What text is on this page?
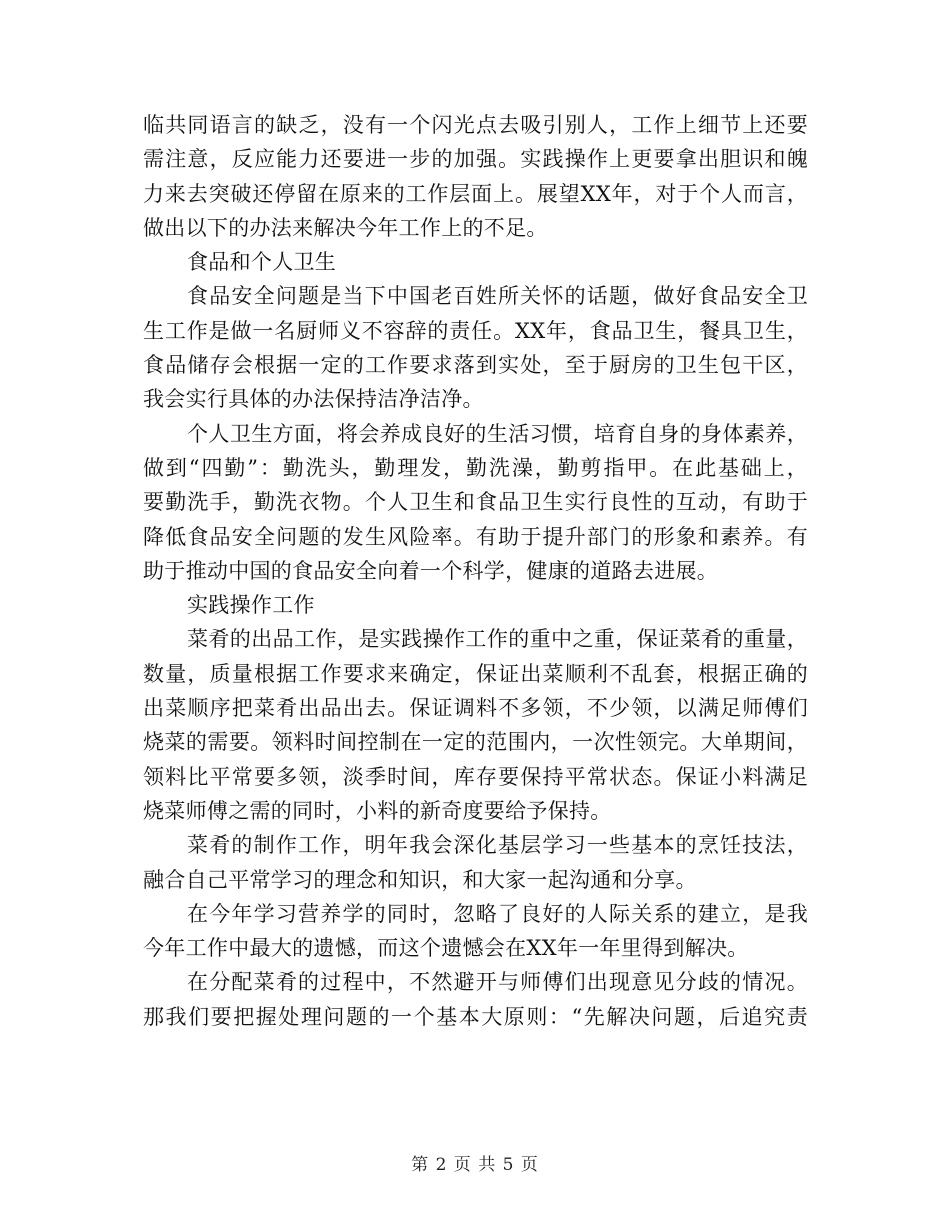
临共同语言的缺乏，没有一个闪光点去吸引别人，工作上细节上还要
需注意，反应能力还要进一步的加强。实践操作上更要拿出胆识和魄
力来去突破还停留在原来的工作层面上。展望XX年，对于个人而言，
做出以下的办法来解决今年工作上的不足。
食品和个人卫生
食品安全问题是当下中国老百姓所关怀的话题，做好食品安全卫
生工作是做一名厨师义不容辞的责任。XX年，食品卫生，餐具卫生，
食品储存会根据一定的工作要求落到实处，至于厨房的卫生包干区，
我会实行具体的办法保持洁净洁净。
个人卫生方面，将会养成良好的生活习惯，培育自身的身体素养，
做到“四勤”：勤洗头，勤理发，勤洗澡，勤剪指甲。在此基础上，
要勤洗手，勤洗衣物。个人卫生和食品卫生实行良性的互动，有助于
降低食品安全问题的发生风险率。有助于提升部门的形象和素养。有
助于推动中国的食品安全向着一个科学，健康的道路去进展。
实践操作工作
菜肴的出品工作，是实践操作工作的重中之重，保证菜肴的重量，
数量，质量根据工作要求来确定，保证出菜顺利不乱套，根据正确的
出菜顺序把菜肴出品出去。保证调料不多领，不少领，以满足师傅们
烧菜的需要。领料时间控制在一定的范围内，一次性领完。大单期间，
领料比平常要多领，淡季时间，库存要保持平常状态。保证小料满足
烧菜师傅之需的同时，小料的新奇度要给予保持。
菜肴的制作工作，明年我会深化基层学习一些基本的烹饪技法，
融合自己平常学习的理念和知识，和大家一起沟通和分享。
在今年学习营养学的同时，忽略了良好的人际关系的建立，是我
今年工作中最大的遗憾，而这个遗憾会在XX年一年里得到解决。
在分配菜肴的过程中，不然避开与师傅们出现意见分歧的情况。
那我们要把握处理问题的一个基本大原则：“先解决问题，后追究责
第 2 页 共 5 页
